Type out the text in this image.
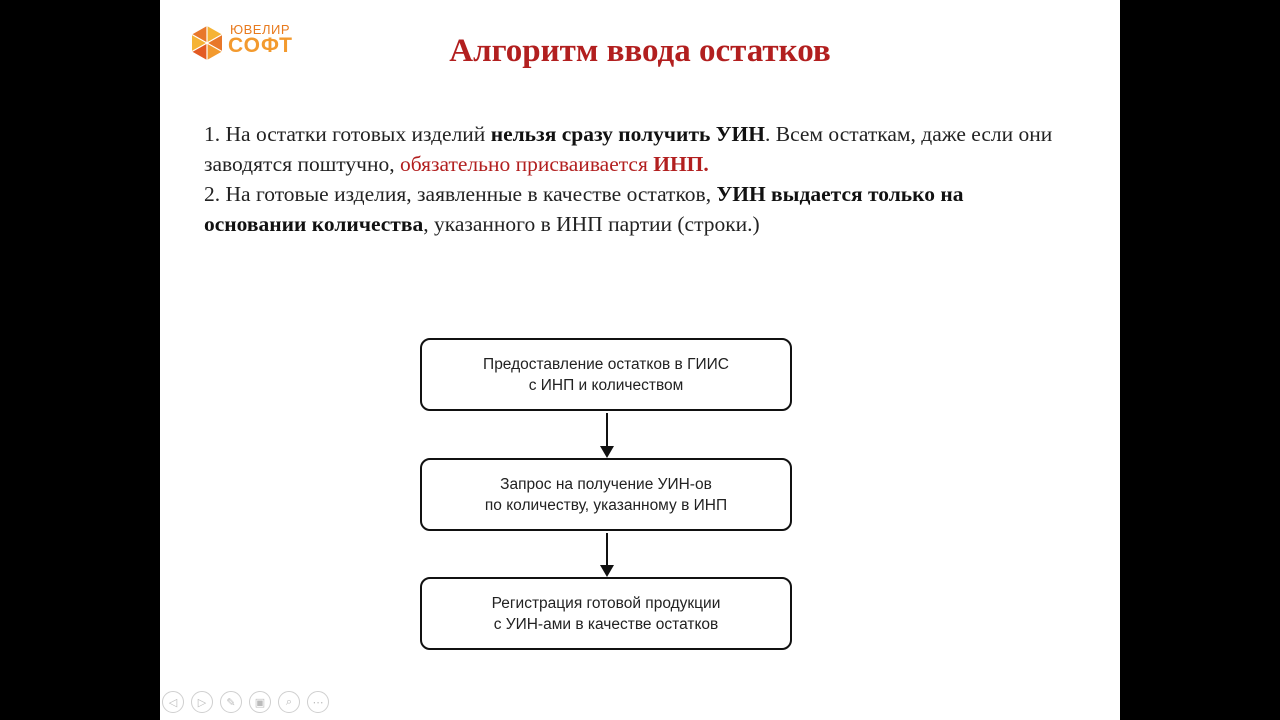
ЮВЕЛИР
СОФТ	Алгоритм ввода остатков

1. На остатки готовых изделий нельзя сразу получить УИН. Всем остаткам, даже если они заводятся поштучно, обязательно присваивается ИНП.

2. На готовые изделия, заявленные в качестве остатков, УИН выдается только на основании количества, указанного в ИНП партии (строки.)

Предоставление остатков в ГИИС
с ИНП и количеством
Запрос на получение УИН-ов
по количеству, указанному в ИНП
Регистрация готовой продукции
с УИН-ами в качестве остатков
◁ ▷ ✎ ▣ ⌕ ⋯
